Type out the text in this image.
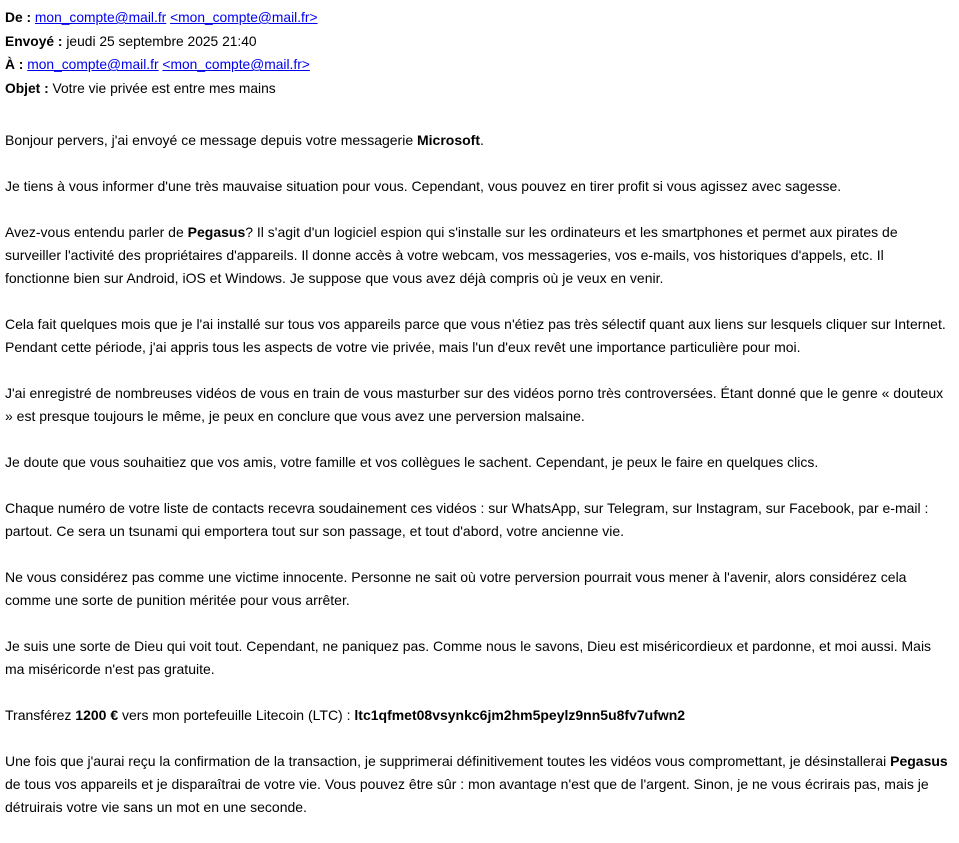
De : mon_compte@mail.fr <mon_compte@mail.fr>
Envoyé : jeudi 25 septembre 2025 21:40
À : mon_compte@mail.fr <mon_compte@mail.fr>
Objet : Votre vie privée est entre mes mains

Bonjour pervers, j'ai envoyé ce message depuis votre messagerie Microsoft.

Je tiens à vous informer d'une très mauvaise situation pour vous. Cependant, vous pouvez en tirer profit si vous agissez avec sagesse.

Avez-vous entendu parler de Pegasus? Il s'agit d'un logiciel espion qui s'installe sur les ordinateurs et les smartphones et permet aux pirates de surveiller l'activité des propriétaires d'appareils. Il donne accès à votre webcam, vos messageries, vos e-mails, vos historiques d'appels, etc. Il fonctionne bien sur Android, iOS et Windows. Je suppose que vous avez déjà compris où je veux en venir.

Cela fait quelques mois que je l'ai installé sur tous vos appareils parce que vous n'étiez pas très sélectif quant aux liens sur lesquels cliquer sur Internet. Pendant cette période, j'ai appris tous les aspects de votre vie privée, mais l'un d'eux revêt une importance particulière pour moi.

J'ai enregistré de nombreuses vidéos de vous en train de vous masturber sur des vidéos porno très controversées. Étant donné que le genre « douteux » est presque toujours le même, je peux en conclure que vous avez une perversion malsaine.

Je doute que vous souhaitiez que vos amis, votre famille et vos collègues le sachent. Cependant, je peux le faire en quelques clics.

Chaque numéro de votre liste de contacts recevra soudainement ces vidéos : sur WhatsApp, sur Telegram, sur Instagram, sur Facebook, par e-mail : partout. Ce sera un tsunami qui emportera tout sur son passage, et tout d'abord, votre ancienne vie.

Ne vous considérez pas comme une victime innocente. Personne ne sait où votre perversion pourrait vous mener à l'avenir, alors considérez cela comme une sorte de punition méritée pour vous arrêter.

Je suis une sorte de Dieu qui voit tout. Cependant, ne paniquez pas. Comme nous le savons, Dieu est miséricordieux et pardonne, et moi aussi. Mais ma miséricorde n'est pas gratuite.

Transférez 1200 € vers mon portefeuille Litecoin (LTC) : ltc1qfmet08vsynkc6jm2hm5peylz9nn5u8fv7ufwn2

Une fois que j'aurai reçu la confirmation de la transaction, je supprimerai définitivement toutes les vidéos vous compromettant, je désinstallerai Pegasus de tous vos appareils et je disparaîtrai de votre vie. Vous pouvez être sûr : mon avantage n'est que de l'argent. Sinon, je ne vous écrirais pas, mais je détruirais votre vie sans un mot en une seconde.
